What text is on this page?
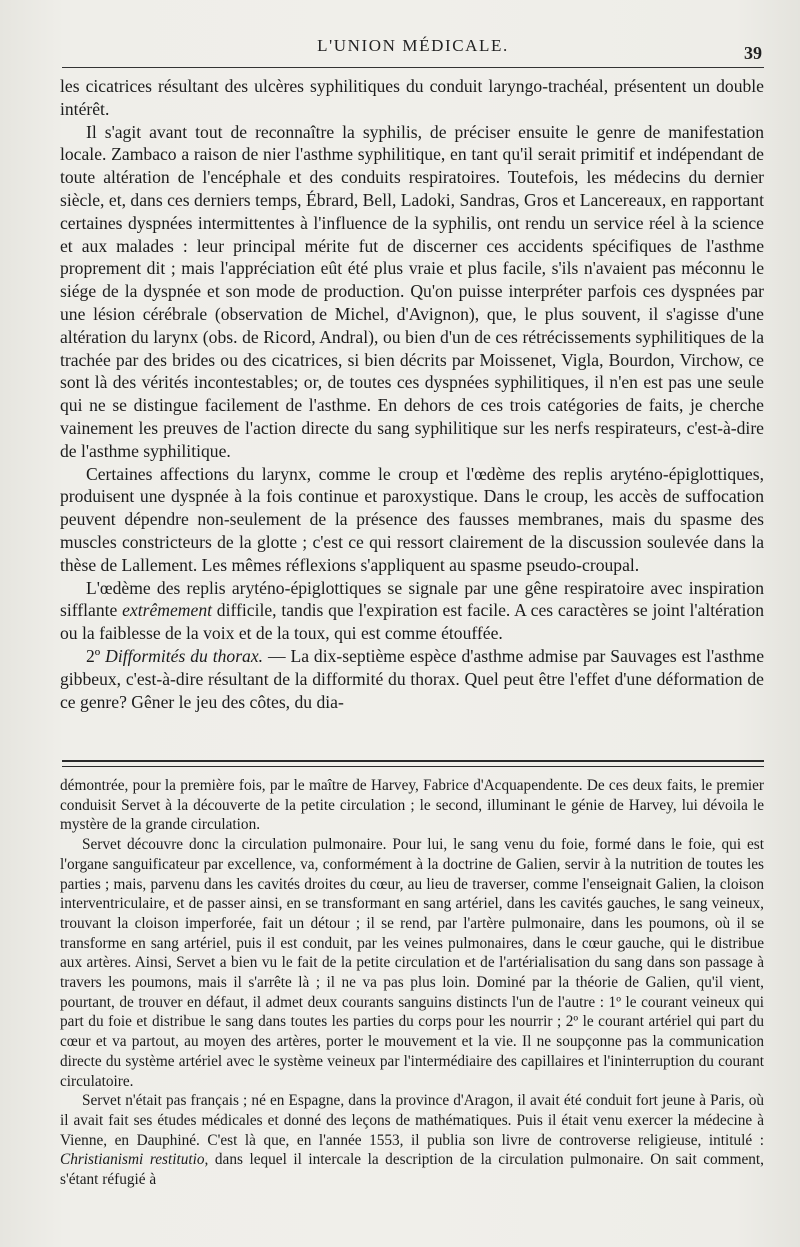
L'UNION MÉDICALE.	39

les cicatrices résultant des ulcères syphilitiques du conduit laryngo-trachéal, présentent un double intérêt.

Il s'agit avant tout de reconnaître la syphilis, de préciser ensuite le genre de manifestation locale. Zambaco a raison de nier l'asthme syphilitique, en tant qu'il serait primitif et indépendant de toute altération de l'encéphale et des conduits respiratoires. Toutefois, les médecins du dernier siècle, et, dans ces derniers temps, Ébrard, Bell, Ladoki, Sandras, Gros et Lancereaux, en rapportant certaines dyspnées intermittentes à l'influence de la syphilis, ont rendu un service réel à la science et aux malades : leur principal mérite fut de discerner ces accidents spécifiques de l'asthme proprement dit ; mais l'appréciation eût été plus vraie et plus facile, s'ils n'avaient pas méconnu le siége de la dyspnée et son mode de production. Qu'on puisse interpréter parfois ces dyspnées par une lésion cérébrale (observation de Michel, d'Avignon), que, le plus souvent, il s'agisse d'une altération du larynx (obs. de Ricord, Andral), ou bien d'un de ces rétrécissements syphilitiques de la trachée par des brides ou des cicatrices, si bien décrits par Moissenet, Vigla, Bourdon, Virchow, ce sont là des vérités incontestables; or, de toutes ces dyspnées syphilitiques, il n'en est pas une seule qui ne se distingue facilement de l'asthme. En dehors de ces trois catégories de faits, je cherche vainement les preuves de l'action directe du sang syphilitique sur les nerfs respirateurs, c'est-à-dire de l'asthme syphilitique.

Certaines affections du larynx, comme le croup et l'œdème des replis aryténo-épiglottiques, produisent une dyspnée à la fois continue et paroxystique. Dans le croup, les accès de suffocation peuvent dépendre non-seulement de la présence des fausses membranes, mais du spasme des muscles constricteurs de la glotte ; c'est ce qui ressort clairement de la discussion soulevée dans la thèse de Lallement. Les mêmes réflexions s'appliquent au spasme pseudo-croupal.

L'œdème des replis aryténo-épiglottiques se signale par une gêne respiratoire avec inspiration sifflante extrêmement difficile, tandis que l'expiration est facile. A ces caractères se joint l'altération ou la faiblesse de la voix et de la toux, qui est comme étouffée.

2º Difformités du thorax. — La dix-septième espèce d'asthme admise par Sauvages est l'asthme gibbeux, c'est-à-dire résultant de la difformité du thorax. Quel peut être l'effet d'une déformation de ce genre? Gêner le jeu des côtes, du dia-

démontrée, pour la première fois, par le maître de Harvey, Fabrice d'Acquapendente. De ces deux faits, le premier conduisit Servet à la découverte de la petite circulation ; le second, illuminant le génie de Harvey, lui dévoila le mystère de la grande circulation.

Servet découvre donc la circulation pulmonaire. Pour lui, le sang venu du foie, formé dans le foie, qui est l'organe sanguificateur par excellence, va, conformément à la doctrine de Galien, servir à la nutrition de toutes les parties ; mais, parvenu dans les cavités droites du cœur, au lieu de traverser, comme l'enseignait Galien, la cloison interventriculaire, et de passer ainsi, en se transformant en sang artériel, dans les cavités gauches, le sang veineux, trouvant la cloison imperforée, fait un détour ; il se rend, par l'artère pulmonaire, dans les poumons, où il se transforme en sang artériel, puis il est conduit, par les veines pulmonaires, dans le cœur gauche, qui le distribue aux artères. Ainsi, Servet a bien vu le fait de la petite circulation et de l'artérialisation du sang dans son passage à travers les poumons, mais il s'arrête là ; il ne va pas plus loin. Dominé par la théorie de Galien, qu'il vient, pourtant, de trouver en défaut, il admet deux courants sanguins distincts l'un de l'autre : 1º le courant veineux qui part du foie et distribue le sang dans toutes les parties du corps pour les nourrir ; 2º le courant artériel qui part du cœur et va partout, au moyen des artères, porter le mouvement et la vie. Il ne soupçonne pas la communication directe du système artériel avec le système veineux par l'intermédiaire des capillaires et l'ininterruption du courant circulatoire.

Servet n'était pas français ; né en Espagne, dans la province d'Aragon, il avait été conduit fort jeune à Paris, où il avait fait ses études médicales et donné des leçons de mathématiques. Puis il était venu exercer la médecine à Vienne, en Dauphiné. C'est là que, en l'année 1553, il publia son livre de controverse religieuse, intitulé : Christianismi restitutio, dans lequel il intercale la description de la circulation pulmonaire. On sait comment, s'étant réfugié à
